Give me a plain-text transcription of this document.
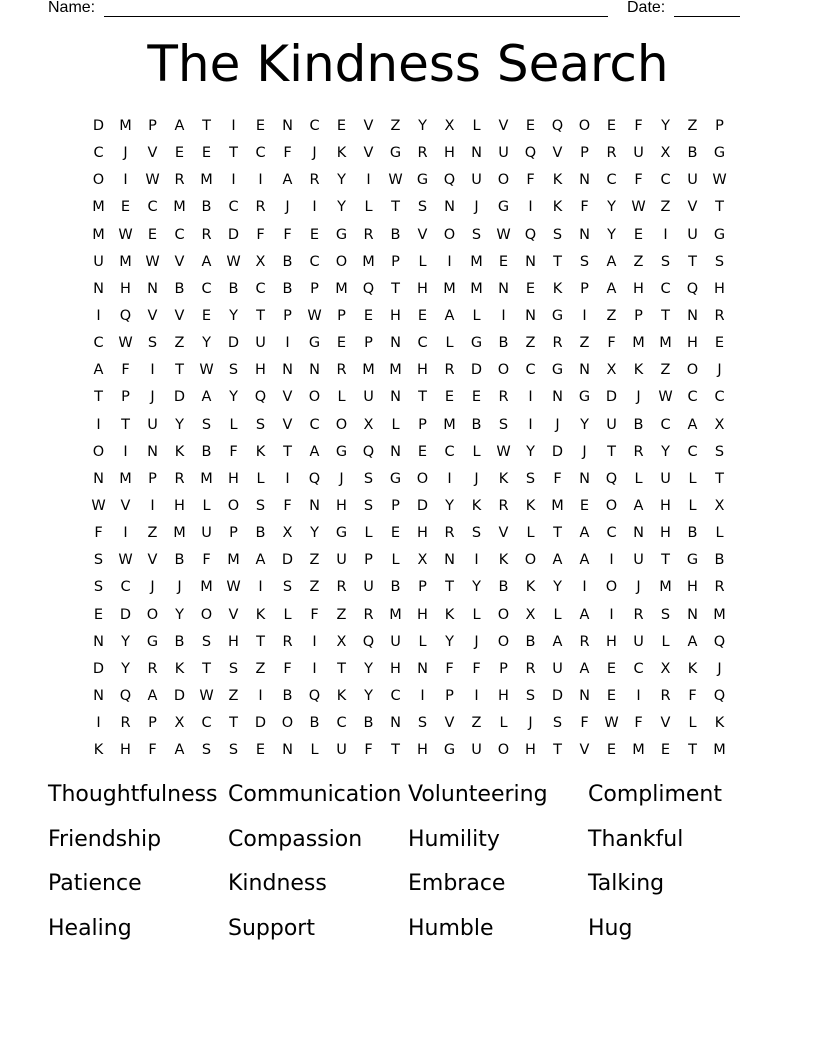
Name:	Date:
The Kindness Search
D	M	P	A	T	I	E	N	C	E	V	Z	Y	X	L	V	E	Q	O	E	F	Y	Z	P
C	J	V	E	E	T	C	F	J	K	V	G	R	H	N	U	Q	V	P	R	U	X	B	G
O	I	W	R	M	I	I	A	R	Y	I	W G	Q	U	O	F	K	N	C	F	C	U	W
M	E	C	M	B	C	R	J	I	Y	L	T	S	N	J	G	I	K	F	Y	W	Z	V	T
M W	E	C	R	D	F	F	E	G	R	B	V	O	S	W Q	S	N	Y	E	I	U	G
U	M W	V	A	W	X	B	C	O	M	P	L	I	M	E	N	T	S	A	Z	S	T	S
N	H	N	B	C	B	C	B	P	M	Q	T	H	M M	N	E	K	P	A	H	C	Q	H
I	Q	V	V	E	Y	T	P	W	P	E	H	E	A	L	I	N	G	I	Z	P	T	N	R
C	W	S	Z	Y	D	U	I	G	E	P	N	C	L	G	B	Z	R	Z	F	M M	H	E
A	F	I	T	W	S	H	N	N	R	M M	H	R	D	O	C	G	N	X	K	Z	O	J
T	P	J	D	A	Y	Q	V	O	L	U	N	T	E	E	R	I	N	G	D	J	W	C	C
I	T	U	Y	S	L	S	V	C	O	X	L	P	M	B	S	I	J	Y	U	B	C	A	X
O	I	N	K	B	F	K	T	A	G	Q	N	E	C	L	W	Y	D	J	T	R	Y	C	S
N	M	P	R	M	H	L	I	Q	J	S	G	O	I	J	K	S	F	N	Q	L	U	L	T
W	V	I	H	L	O	S	F	N	H	S	P	D	Y	K	R	K	M	E	O	A	H	L	X
F	I	Z	M	U	P	B	X	Y	G	L	E	H	R	S	V	L	T	A	C	N	H	B	L
S	W	V	B	F	M	A	D	Z	U	P	L	X	N	I	K	O	A	A	I	U	T	G	B
S	C	J	J	M W	I	S	Z	R	U	B	P	T	Y	B	K	Y	I	O	J	M	H	R
E	D	O	Y	O	V	K	L	F	Z	R	M	H	K	L	O	X	L	A	I	R	S	N	M
N	Y	G	B	S	H	T	R	I	X	Q	U	L	Y	J	O	B	A	R	H	U	L	A	Q
D	Y	R	K	T	S	Z	F	I	T	Y	H	N	F	F	P	R	U	A	E	C	X	K	J
N	Q	A	D W	Z	I	B	Q	K	Y	C	I	P	I	H	S	D	N	E	I	R	F	Q
I	R	P	X	C	T	D	O	B	C	B	N	S	V	Z	L	J	S	F	W	F	V	L	K
K	H	F	A	S	S	E	N	L	U	F	T	H	G	U	O	H	T	V	E	M	E	T	M
Thoughtfulness Communication Volunteering	Compliment
Friendship	Compassion	Humility	Thankful
Patience	Kindness	Embrace	Talking
Healing	Support	Humble	Hug
